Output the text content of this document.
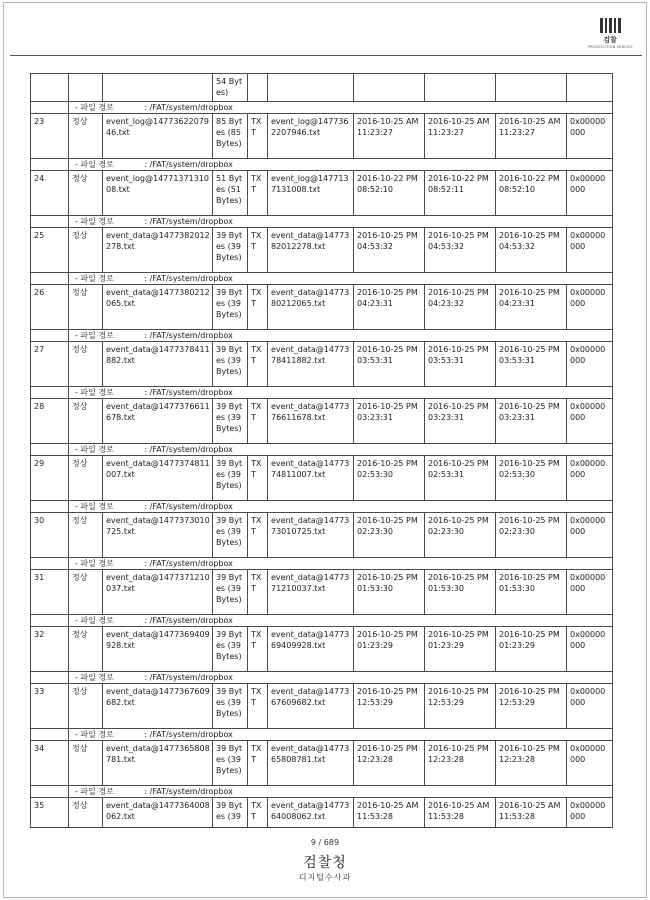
검찰
PROSECUTION SERVICE
			54 Bytes)						
	- 파일 경로 : /FAT/system/dropbox								
23	정상	event_log@1477362207946.txt	85 Bytes (85 Bytes)	TXT	event_log@1477362207946.txt	2016-10-25 AM 11:23:27	2016-10-25 AM 11:23:27	2016-10-25 AM 11:23:27	0x00000000
	- 파일 경로 : /FAT/system/dropbox								
24	정상	event_log@1477137131008.txt	51 Bytes (51 Bytes)	TXT	event_log@1477137131008.txt	2016-10-22 PM 08:52:10	2016-10-22 PM 08:52:11	2016-10-22 PM 08:52:10	0x00000000
	- 파일 경로 : /FAT/system/dropbox								
25	정상	event_data@1477382012278.txt	39 Bytes (39 Bytes)	TXT	event_data@1477382012278.txt	2016-10-25 PM 04:53:32	2016-10-25 PM 04:53:32	2016-10-25 PM 04:53:32	0x00000000
	- 파일 경로 : /FAT/system/dropbox								
26	정상	event_data@1477380212065.txt	39 Bytes (39 Bytes)	TXT	event_data@1477380212065.txt	2016-10-25 PM 04:23:31	2016-10-25 PM 04:23:32	2016-10-25 PM 04:23:31	0x00000000
	- 파일 경로 : /FAT/system/dropbox								
27	정상	event_data@1477378411882.txt	39 Bytes (39 Bytes)	TXT	event_data@1477378411882.txt	2016-10-25 PM 03:53:31	2016-10-25 PM 03:53:31	2016-10-25 PM 03:53:31	0x00000000
	- 파일 경로 : /FAT/system/dropbox								
28	정상	event_data@1477376611678.txt	39 Bytes (39 Bytes)	TXT	event_data@1477376611678.txt	2016-10-25 PM 03:23:31	2016-10-25 PM 03:23:31	2016-10-25 PM 03:23:31	0x00000000
	- 파일 경로 : /FAT/system/dropbox								
29	정상	event_data@1477374811007.txt	39 Bytes (39 Bytes)	TXT	event_data@1477374811007.txt	2016-10-25 PM 02:53:30	2016-10-25 PM 02:53:31	2016-10-25 PM 02:53:30	0x00000000
	- 파일 경로 : /FAT/system/dropbox								
30	정상	event_data@1477373010725.txt	39 Bytes (39 Bytes)	TXT	event_data@1477373010725.txt	2016-10-25 PM 02:23:30	2016-10-25 PM 02:23:30	2016-10-25 PM 02:23:30	0x00000000
	- 파일 경로 : /FAT/system/dropbox								
31	정상	event_data@1477371210037.txt	39 Bytes (39 Bytes)	TXT	event_data@1477371210037.txt	2016-10-25 PM 01:53:30	2016-10-25 PM 01:53:30	2016-10-25 PM 01:53:30	0x00000000
	- 파일 경로 : /FAT/system/dropbox								
32	정상	event_data@1477369409928.txt	39 Bytes (39 Bytes)	TXT	event_data@1477369409928.txt	2016-10-25 PM 01:23:29	2016-10-25 PM 01:23:29	2016-10-25 PM 01:23:29	0x00000000
	- 파일 경로 : /FAT/system/dropbox								
33	정상	event_data@1477367609682.txt	39 Bytes (39 Bytes)	TXT	event_data@1477367609682.txt	2016-10-25 PM 12:53:29	2016-10-25 PM 12:53:29	2016-10-25 PM 12:53:29	0x00000000
	- 파일 경로 : /FAT/system/dropbox								
34	정상	event_data@1477365808781.txt	39 Bytes (39 Bytes)	TXT	event_data@1477365808781.txt	2016-10-25 PM 12:23:28	2016-10-25 PM 12:23:28	2016-10-25 PM 12:23:28	0x00000000
	- 파일 경로 : /FAT/system/dropbox								
35	정상	event_data@1477364008062.txt	39 Bytes (39	TXT	event_data@1477364008062.txt	2016-10-25 AM 11:53:28	2016-10-25 AM 11:53:28	2016-10-25 AM 11:53:28	0x00000000
9 / 689
검찰청
디지털수사과
